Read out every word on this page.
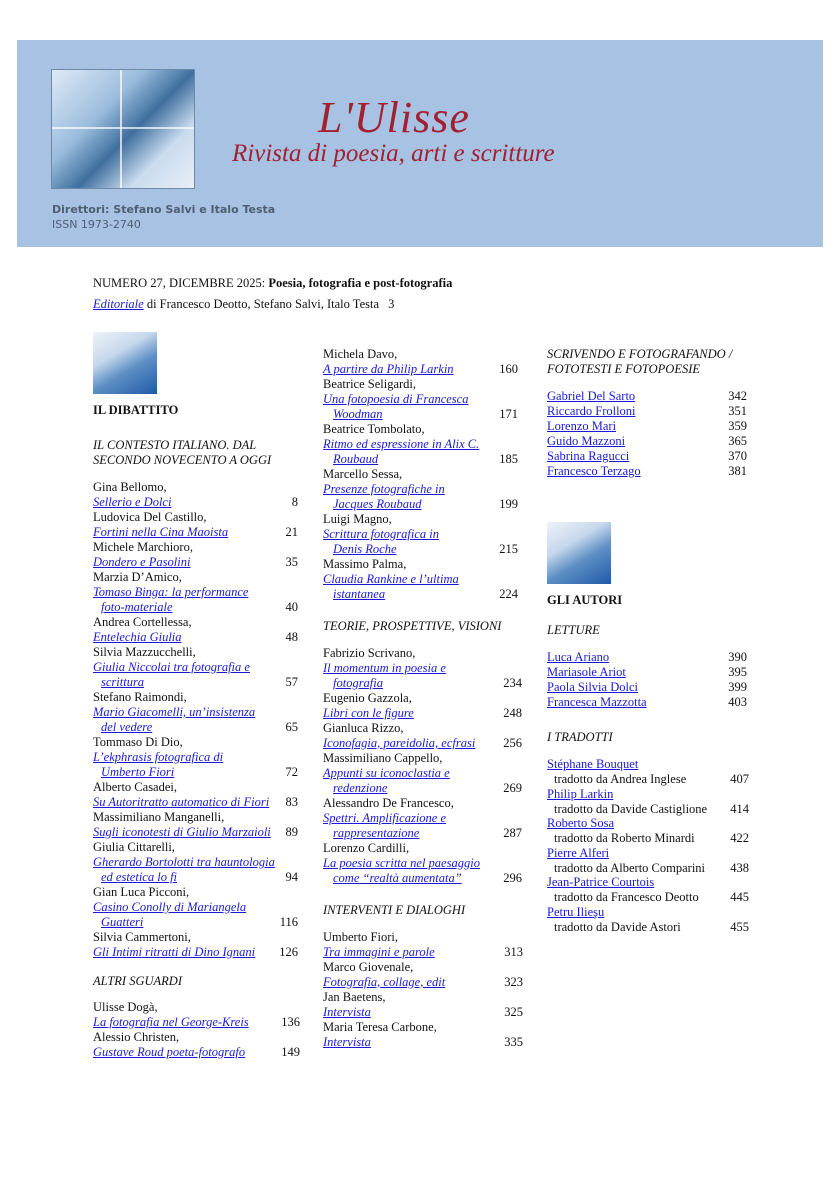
L'Ulisse
Rivista di poesia, arti e scritture
Direttori: Stefano Salvi e Italo Testa
ISSN 1973-2740
NUMERO 27, DICEMBRE 2025: Poesia, fotografia e post-fotografia
Editoriale di Francesco Deotto, Stefano Salvi, Italo Testa 3
IL DIBATTITO
IL CONTESTO ITALIANO. DAL
SECONDO NOVECENTO A OGGI
ALTRI SGUARDI
TEORIE, PROSPETTIVE, VISIONI
INTERVENTI E DIALOGHI
SCRIVENDO E FOTOGRAFANDO /
FOTOTESTI E FOTOPOESIE
GLI AUTORI
LETTURE
I TRADOTTI
Gina Bellomo,
Sellerio e Dolci	8
Ludovica Del Castillo,
Fortini nella Cina Maoista	21
Michele Marchioro,
Dondero e Pasolini	35
Marzia D’Amico,
Tomaso Binga: la performance
foto-materiale	40
Andrea Cortellessa,
Entelechia Giulia	48
Silvia Mazzucchelli,
Giulia Niccolai tra fotografia e
scrittura	57
Stefano Raimondi,
Mario Giacomelli, un’insistenza
del vedere	65
Tommaso Di Dio,
L’ekphrasis fotografica di
Umberto Fiori	72
Alberto Casadei,
Su Autoritratto automatico di Fiori	83
Massimiliano Manganelli,
Sugli iconotesti di Giulio Marzaioli	89
Giulia Cittarelli,
Gherardo Bortolotti tra hauntologia
ed estetica lo fi	94
Gian Luca Picconi,
Casino Conolly di Mariangela
Guatteri	116
Silvia Cammertoni,
Gli Intimi ritratti di Dino Ignani	126
Ulisse Dogà,
La fotografia nel George-Kreis	136
Alessio Christen,
Gustave Roud poeta-fotografo	149
Michela Davo,
A partire da Philip Larkin	160
Beatrice Seligardi,
Una fotopoesia di Francesca
Woodman	171
Beatrice Tombolato,
Ritmo ed espressione in Alix C.
Roubaud	185
Marcello Sessa,
Presenze fotografiche in
Jacques Roubaud	199
Luigi Magno,
Scrittura fotografica in
Denis Roche	215
Massimo Palma,
Claudia Rankine e l’ultima
istantanea	224
Fabrizio Scrivano,
Il momentum in poesia e
fotografia	234
Eugenio Gazzola,
Libri con le figure	248
Gianluca Rizzo,
Iconofagia, pareidolia, ecfrasi	256
Massimiliano Cappello,
Appunti su iconoclastia e
redenzione	269
Alessandro De Francesco,
Spettri. Amplificazione e
rappresentazione	287
Lorenzo Cardilli,
La poesia scritta nel paesaggio
come “realtà aumentata”	296
Umberto Fiori,
Tra immagini e parole	313
Marco Giovenale,
Fotografia, collage, edit	323
Jan Baetens,
Intervista	325
Maria Teresa Carbone,
Intervista	335
Gabriel Del Sarto	342
Riccardo Frolloni	351
Lorenzo Mari	359
Guido Mazzoni	365
Sabrina Ragucci	370
Francesco Terzago	381
Luca Ariano	390
Mariasole Ariot	395
Paola Silvia Dolci	399
Francesca Mazzotta	403
Stéphane Bouquet
tradotto da Andrea Inglese	407
Philip Larkin
tradotto da Davide Castiglione	414
Roberto Sosa
tradotto da Roberto Minardi	422
Pierre Alferi
tradotto da Alberto Comparini	438
Jean-Patrice Courtois
tradotto da Francesco Deotto	445
Petru Ilieşu
tradotto da Davide Astori	455
